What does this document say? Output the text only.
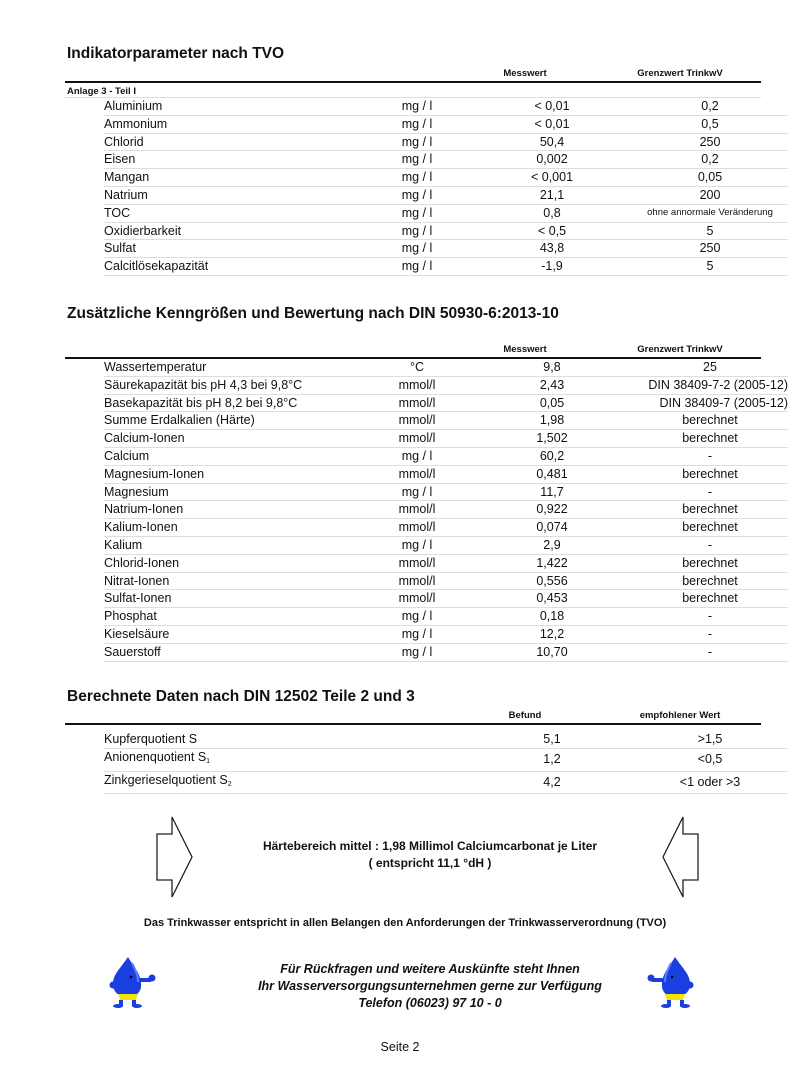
Indikatorparameter nach TVO
Messwert	Grenzwert TrinkwV
Anlage 3 - Teil I
Aluminium	mg / l	< 0,01	0,2
Ammonium	mg / l	< 0,01	0,5
Chlorid	mg / l	50,4	250
Eisen	mg / l	0,002	0,2
Mangan	mg / l	< 0,001	0,05
Natrium	mg / l	21,1	200
TOC	mg / l	0,8	ohne annormale Veränderung
Oxidierbarkeit	mg / l	< 0,5	5
Sulfat	mg / l	43,8	250
Calcitlösekapazität	mg / l	-1,9	5
Zusätzliche Kenngrößen und Bewertung nach DIN 50930-6:2013-10
Messwert	Grenzwert TrinkwV
Wassertemperatur	°C	9,8	25
Säurekapazität bis pH 4,3 bei 9,8°C	mmol/l	2,43	DIN 38409-7-2 (2005-12)
Basekapazität bis pH 8,2 bei 9,8°C	mmol/l	0,05	DIN 38409-7 (2005-12)
Summe Erdalkalien (Härte)	mmol/l	1,98	berechnet
Calcium-Ionen	mmol/l	1,502	berechnet
Calcium	mg / l	60,2	-
Magnesium-Ionen	mmol/l	0,481	berechnet
Magnesium	mg / l	11,7	-
Natrium-Ionen	mmol/l	0,922	berechnet
Kalium-Ionen	mmol/l	0,074	berechnet
Kalium	mg / l	2,9	-
Chlorid-Ionen	mmol/l	1,422	berechnet
Nitrat-Ionen	mmol/l	0,556	berechnet
Sulfat-Ionen	mmol/l	0,453	berechnet
Phosphat	mg / l	0,18	-
Kieselsäure	mg / l	12,2	-
Sauerstoff	mg / l	10,70	-
Berechnete Daten nach DIN 12502 Teile 2 und 3
Befund	empfohlener Wert
Kupferquotient S		5,1	>1,5
Anionenquotient $S_1$		1,2	<0,5
Zinkgerieselquotient $S_2$		4,2	<1 oder >3
Härtebereich mittel : 1,98 Millimol Calciumcarbonat je Liter
( entspricht 11,1 °dH )
Das Trinkwasser entspricht in allen Belangen den Anforderungen der Trinkwasserverordnung (TVO)
Für Rückfragen und weitere Auskünfte steht Ihnen
Ihr Wasserversorgungsunternehmen gerne zur Verfügung
Telefon (06023) 97 10 - 0
Seite 2
